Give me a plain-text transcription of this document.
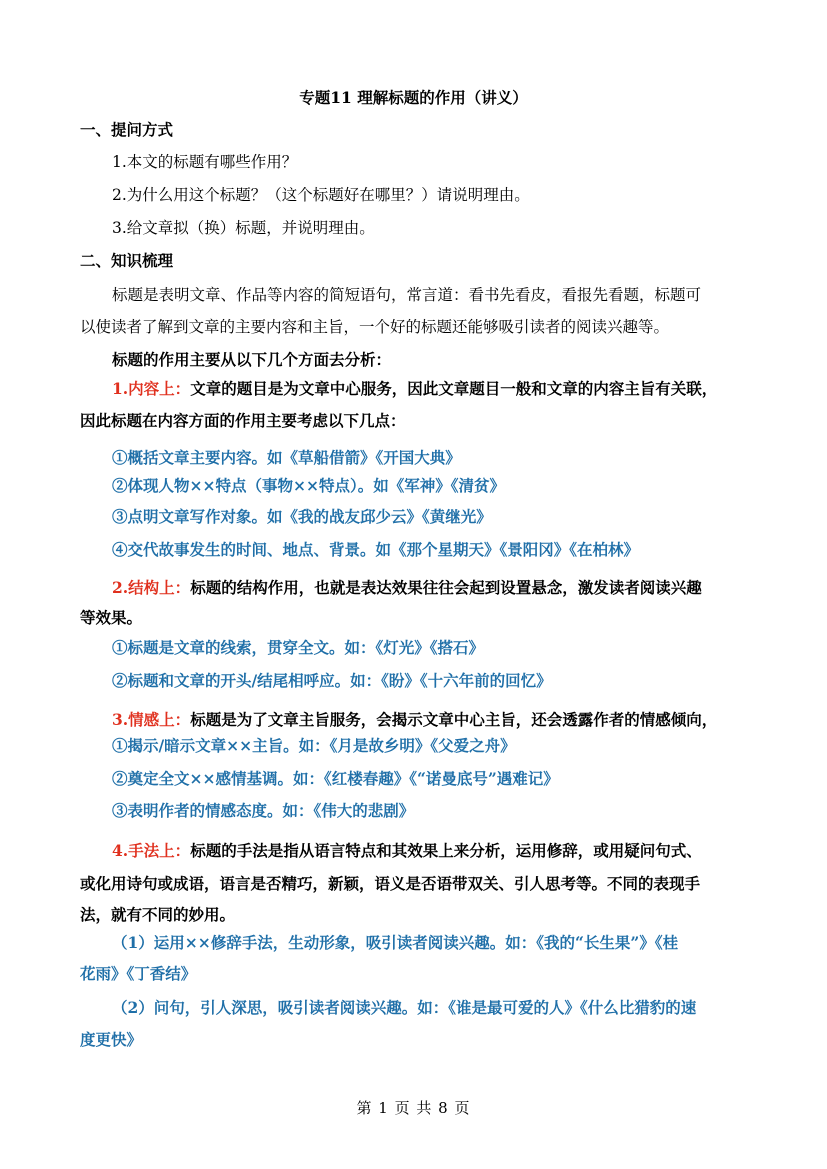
专题11 理解标题的作用（讲义）
一、提问方式
1.本文的标题有哪些作用？
2.为什么用这个标题？（这个标题好在哪里？）请说明理由。
3.给文章拟（换）标题，并说明理由。
二、知识梳理
标题是表明文章、作品等内容的简短语句，常言道：看书先看皮，看报先看题，标题可
以使读者了解到文章的主要内容和主旨，一个好的标题还能够吸引读者的阅读兴趣等。
标题的作用主要从以下几个方面去分析：
1.内容上：文章的题目是为文章中心服务，因此文章题目一般和文章的内容主旨有关联，
因此标题在内容方面的作用主要考虑以下几点：
①概括文章主要内容。如《草船借箭》《开国大典》
②体现人物××特点（事物××特点）。如《军神》《清贫》
③点明文章写作对象。如《我的战友邱少云》《黄继光》
④交代故事发生的时间、地点、背景。如《那个星期天》《景阳冈》《在柏林》
2.结构上：标题的结构作用，也就是表达效果往往会起到设置悬念，激发读者阅读兴趣
等效果。
①标题是文章的线索，贯穿全文。如：《灯光》《搭石》
②标题和文章的开头/结尾相呼应。如：《盼》《十六年前的回忆》
3.情感上：标题是为了文章主旨服务，会揭示文章中心主旨，还会透露作者的情感倾向，
①揭示/暗示文章××主旨。如：《月是故乡明》《父爱之舟》
②奠定全文××感情基调。如：《红楼春趣》《“诺曼底号”遇难记》
③表明作者的情感态度。如：《伟大的悲剧》
4.手法上：标题的手法是指从语言特点和其效果上来分析，运用修辞，或用疑问句式、
或化用诗句或成语，语言是否精巧，新颖，语义是否语带双关、引人思考等。不同的表现手
法，就有不同的妙用。
（1）运用××修辞手法，生动形象，吸引读者阅读兴趣。如：《我的“长生果”》《桂
花雨》《丁香结》
（2）问句，引人深思，吸引读者阅读兴趣。如：《谁是最可爱的人》《什么比猎豹的速
度更快》
第 1 页 共 8 页
